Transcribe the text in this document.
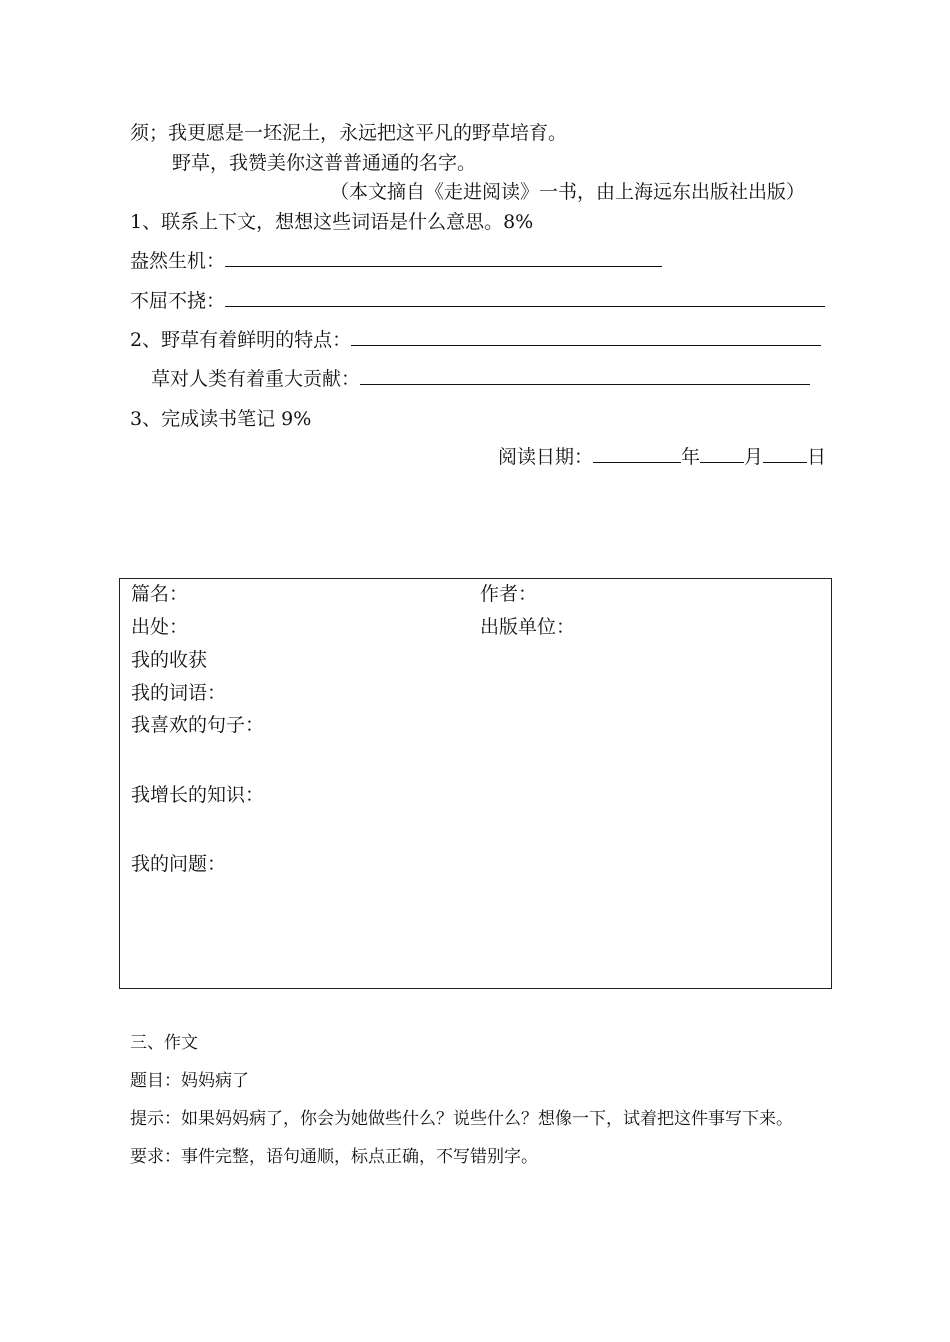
须；我更愿是一坯泥土，永远把这平凡的野草培育。
野草，我赞美你这普普通通的名字。
（本文摘自《走进阅读》一书，由上海远东出版社出版）
1、联系上下文，想想这些词语是什么意思。8%
盎然生机：
不屈不挠：
2、野草有着鲜明的特点：
草对人类有着重大贡献：
3、完成读书笔记 9%
阅读日期：	年 月 日
篇名：	作者：
出处：	出版单位：
我的收获
我的词语：
我喜欢的句子：
我增长的知识：
我的问题：
三、作文
题目：妈妈病了
提示：如果妈妈病了，你会为她做些什么？说些什么？想像一下，试着把这件事写下来。
要求：事件完整，语句通顺，标点正确，不写错别字。
